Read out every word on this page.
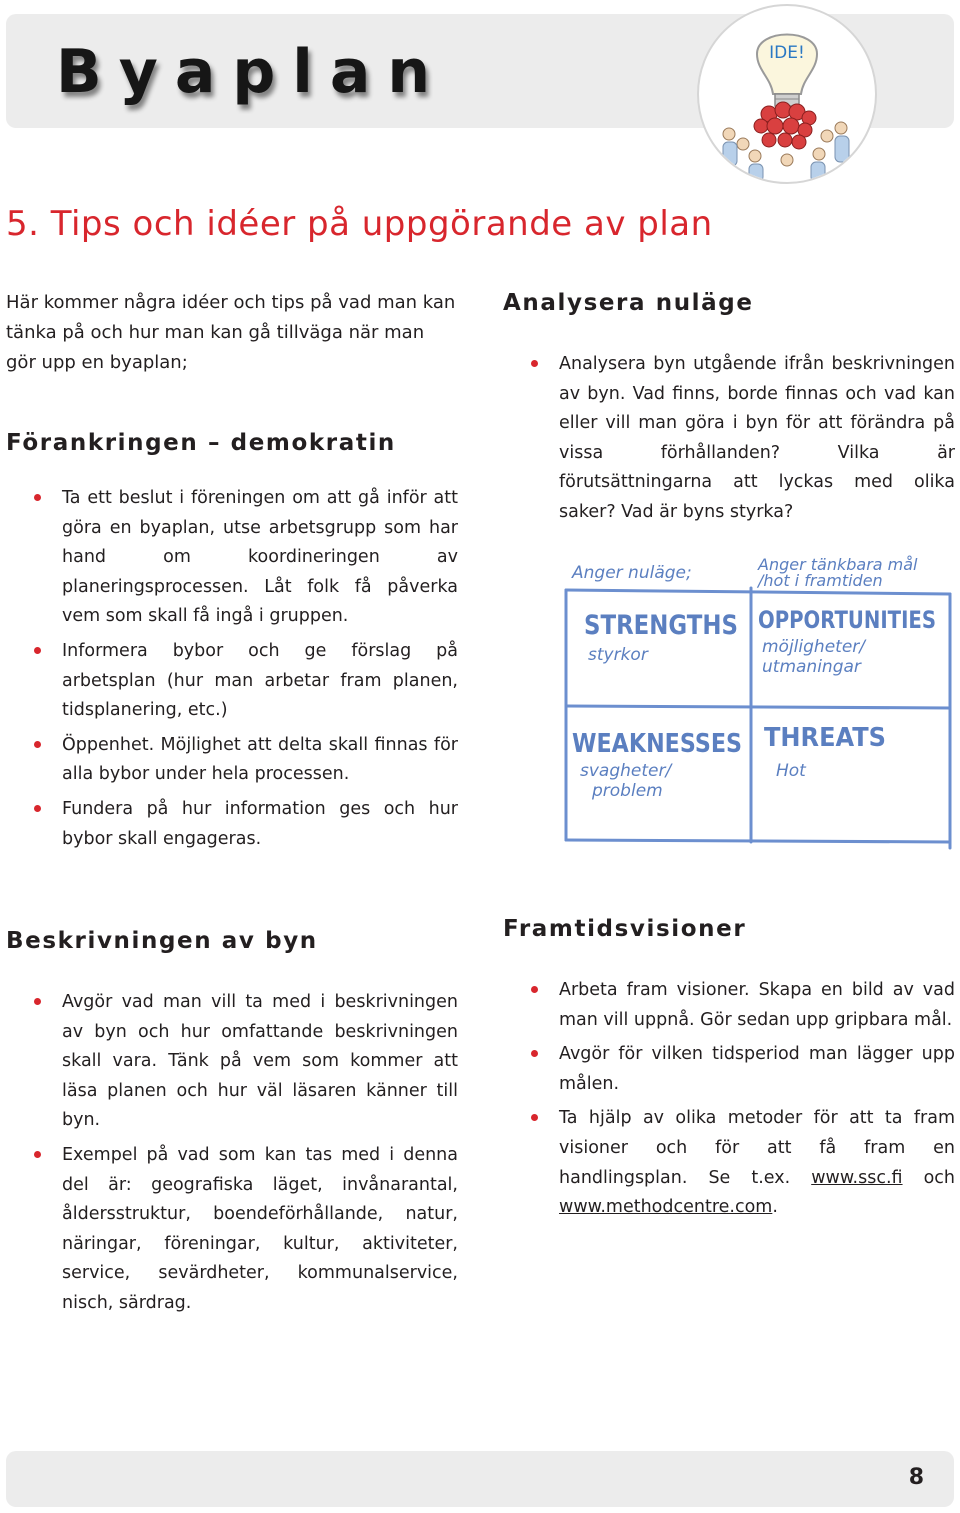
Byaplan	IDE!
5. Tips och idéer på uppgörande av plan

Här kommer några idéer och tips på vad man kan tänka på och hur man kan gå tillväga när man gör upp en byaplan;

Förankringen – demokratin
Ta ett beslut i föreningen om att gå inför att göra en byaplan, utse arbetsgrupp som har hand om koordineringen av planeringsprocessen. Låt folk få påverka vem som skall få ingå i gruppen.
Informera bybor och ge förslag på arbetsplan (hur man arbetar fram planen, tidsplanering, etc.)
Öppenhet. Möjlighet att delta skall finnas för alla bybor under hela processen.
Fundera på hur information ges och hur bybor skall engageras.
Analysera nuläge
Analysera byn utgående ifrån beskrivningen av byn. Vad finns, borde finnas och vad kan eller vill man göra i byn för att förändra på vissa förhållanden? Vilka är förutsättningarna att lyckas med olika saker? Vad är byns styrka?
Anger nuläge;	Anger tänkbara mål
/hot i framtiden
STRENGTHS
styrkor
OPPORTUNITIES
möjligheter/
utmaningar
WEAKNESSES
svagheter/
problem
THREATS
Hot
Beskrivningen av byn
Avgör vad man vill ta med i beskrivningen av byn och hur omfattande beskrivningen skall vara. Tänk på vem som kommer att läsa planen och hur väl läsaren känner till byn.
Exempel på vad som kan tas med i denna del är: geografiska läget, invånarantal, åldersstruktur, boendeförhållande, natur, näringar, föreningar, kultur, aktiviteter, service, sevärdheter, kommunalservice, nisch, särdrag.
Framtidsvisioner
Arbeta fram visioner. Skapa en bild av vad man vill uppnå. Gör sedan upp gripbara mål.
Avgör för vilken tidsperiod man lägger upp målen.
Ta hjälp av olika metoder för att ta fram visioner och för att få fram en handlingsplan. Se t.ex. www.ssc.fi och www.methodcentre.com.
8
